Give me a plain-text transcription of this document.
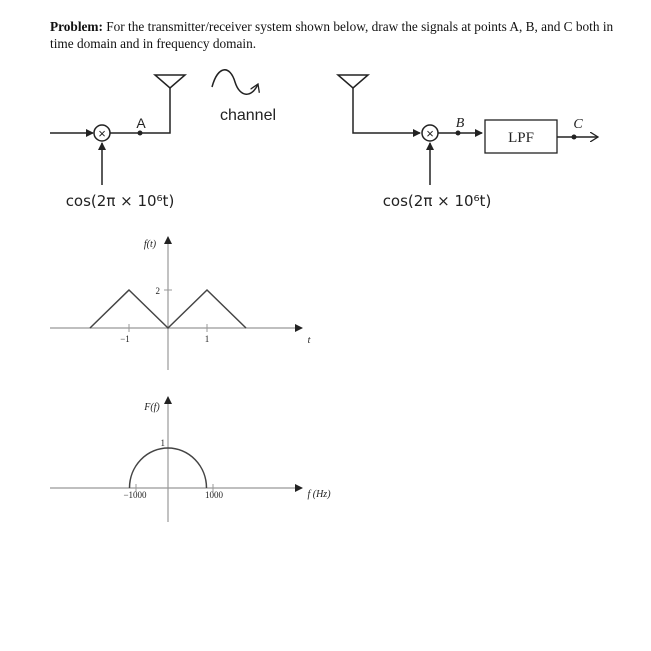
Problem: For the transmitter/receiver system shown below, draw the signals at points A, B, and C both in time domain and in frequency domain.
×
A
cos(2π × 10⁶t)
channel
×
B
LPF
C
cos(2π × 10⁶t)
f(t)
t
2
−1	1
F(f)
f (Hz)
1
−1000	1000
